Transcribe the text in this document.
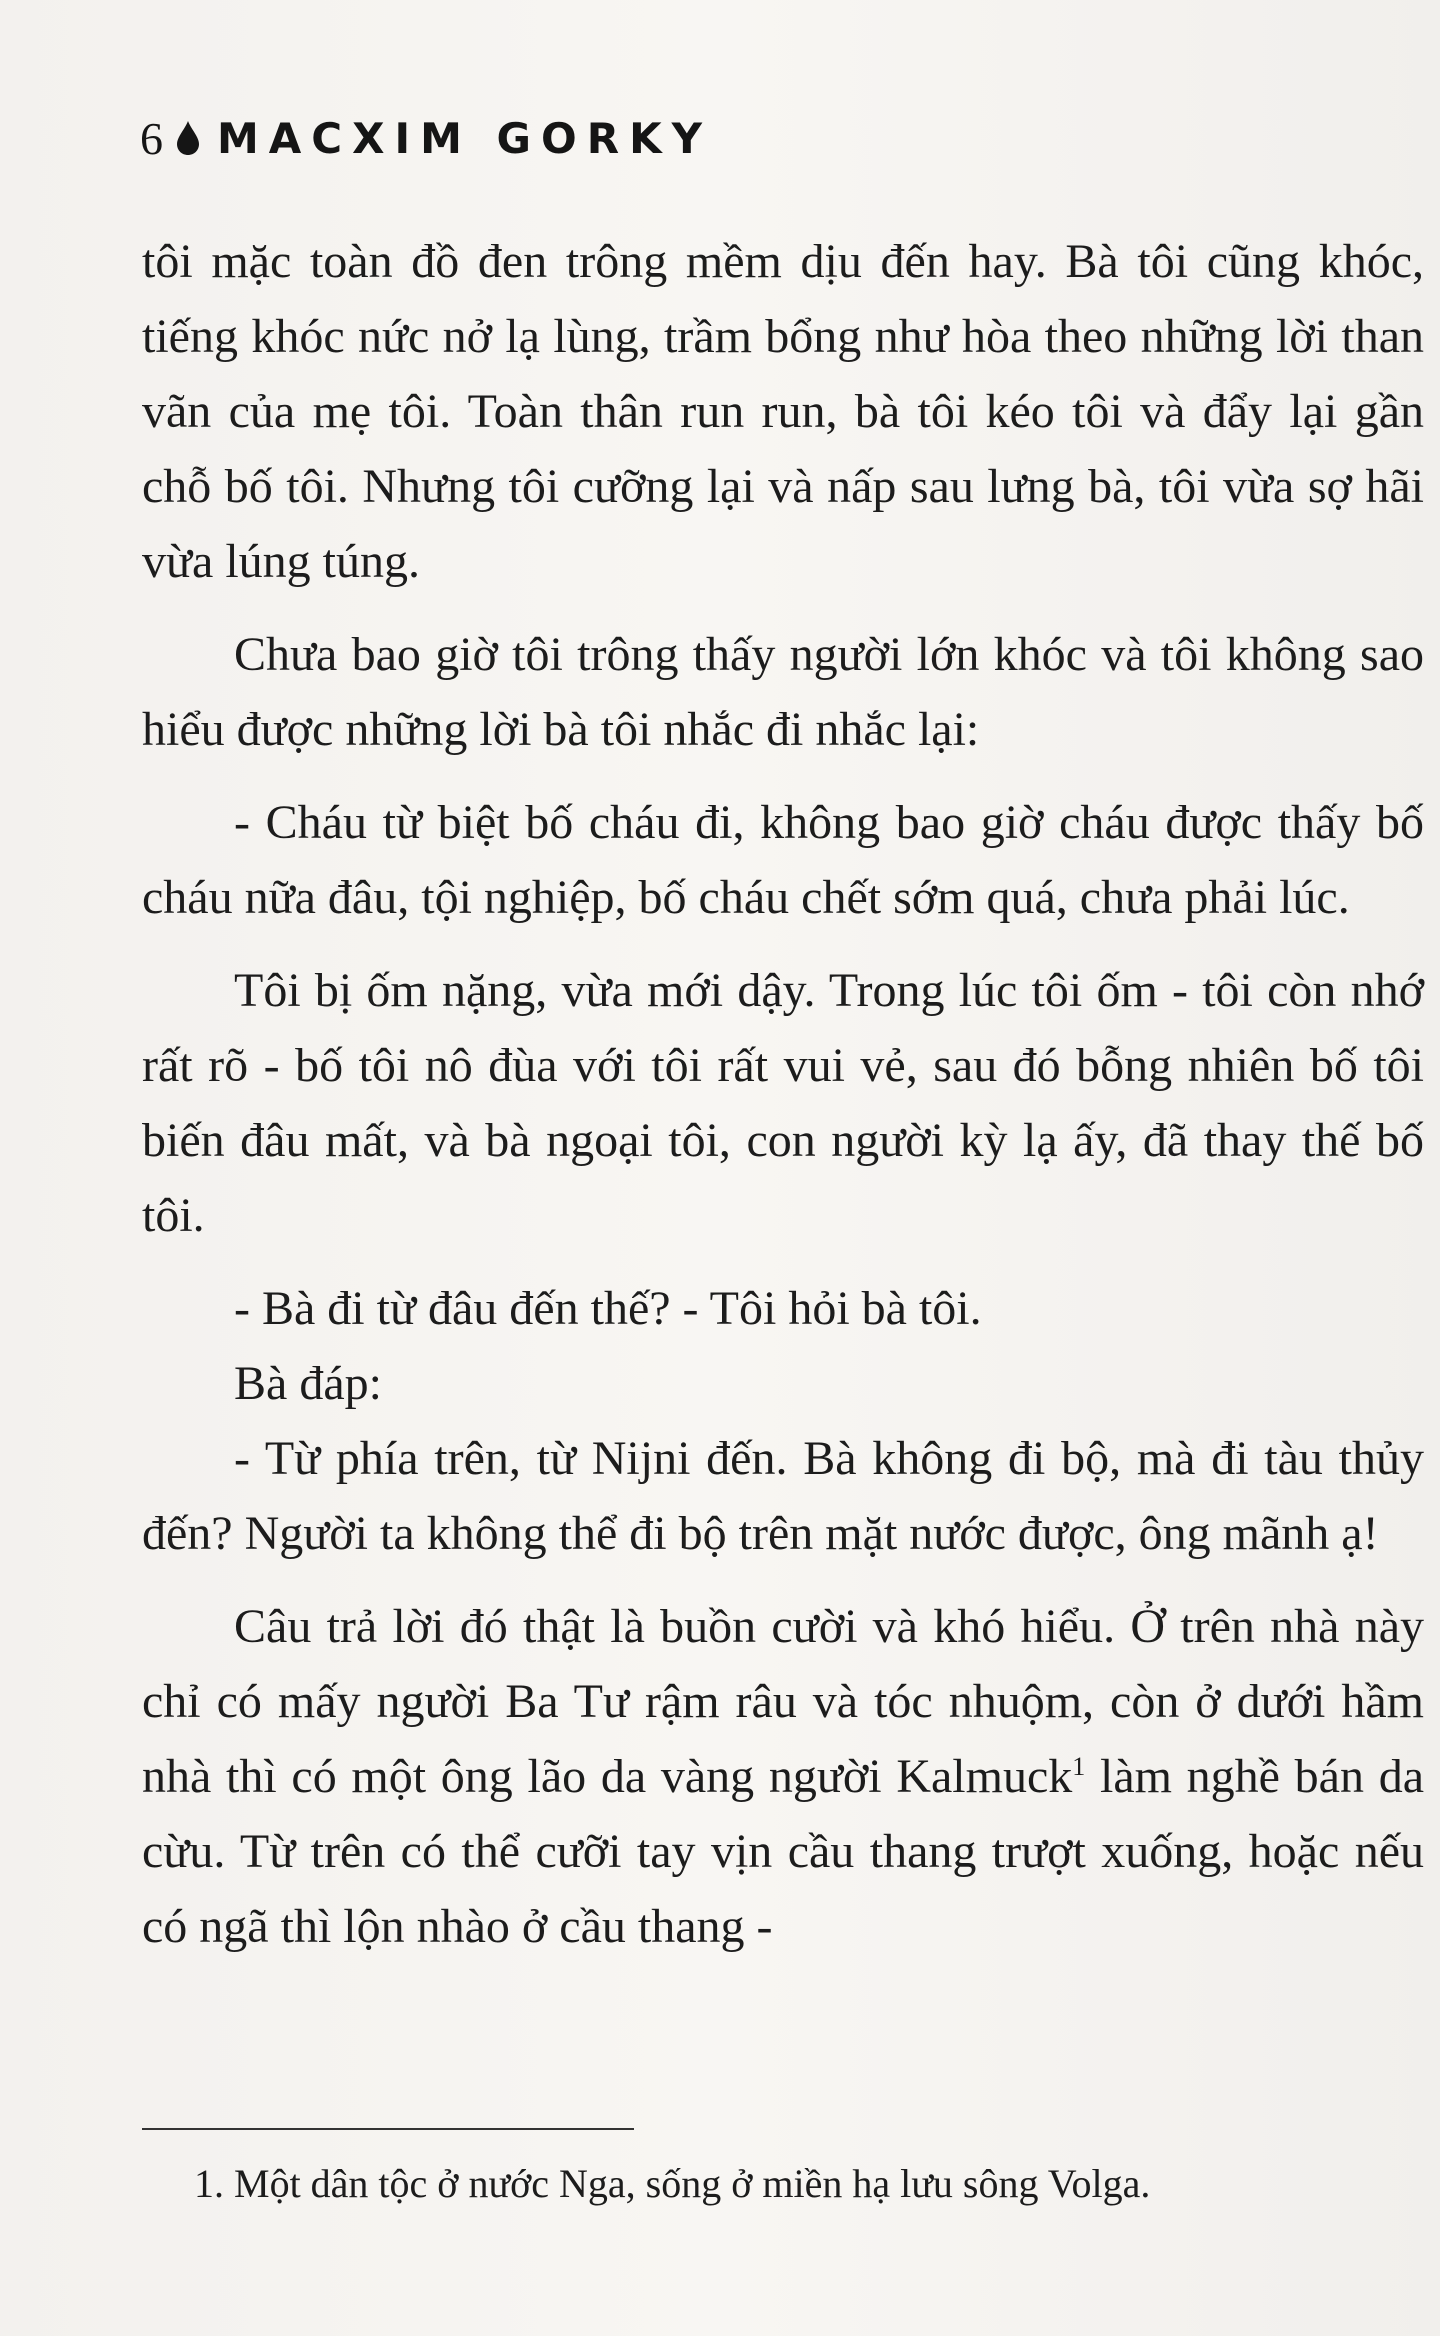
6 MACXIM GORKY

tôi mặc toàn đồ đen trông mềm dịu đến hay. Bà tôi cũng khóc, tiếng khóc nức nở lạ lùng, trầm bổng như hòa theo những lời than vãn của mẹ tôi. Toàn thân run run, bà tôi kéo tôi và đẩy lại gần chỗ bố tôi. Nhưng tôi cưỡng lại và nấp sau lưng bà, tôi vừa sợ hãi vừa lúng túng.

Chưa bao giờ tôi trông thấy người lớn khóc và tôi không sao hiểu được những lời bà tôi nhắc đi nhắc lại:

- Cháu từ biệt bố cháu đi, không bao giờ cháu được thấy bố cháu nữa đâu, tội nghiệp, bố cháu chết sớm quá, chưa phải lúc.

Tôi bị ốm nặng, vừa mới dậy. Trong lúc tôi ốm - tôi còn nhớ rất rõ - bố tôi nô đùa với tôi rất vui vẻ, sau đó bỗng nhiên bố tôi biến đâu mất, và bà ngoại tôi, con người kỳ lạ ấy, đã thay thế bố tôi.

- Bà đi từ đâu đến thế? - Tôi hỏi bà tôi.

Bà đáp:

- Từ phía trên, từ Nijni đến. Bà không đi bộ, mà đi tàu thủy đến? Người ta không thể đi bộ trên mặt nước được, ông mãnh ạ!

Câu trả lời đó thật là buồn cười và khó hiểu. Ở trên nhà này chỉ có mấy người Ba Tư rậm râu và tóc nhuộm, còn ở dưới hầm nhà thì có một ông lão da vàng người Kalmuck$^1$ làm nghề bán da cừu. Từ trên có thể cưỡi tay vịn cầu thang trượt xuống, hoặc nếu có ngã thì lộn nhào ở cầu thang -

1. Một dân tộc ở nước Nga, sống ở miền hạ lưu sông Volga.
